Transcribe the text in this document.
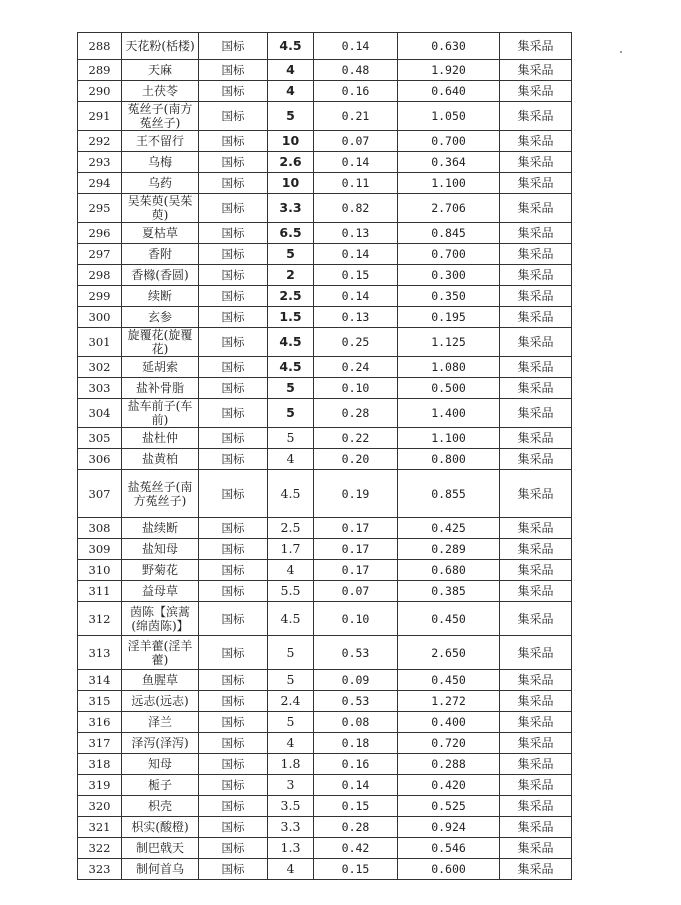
288	天花粉(栝楼)	国标	4.5	0.14	0.630	集采品
289	天麻	国标	4	0.48	1.920	集采品
290	土茯苓	国标	4	0.16	0.640	集采品
291	菟丝子(南方菟丝子)	国标	5	0.21	1.050	集采品
292	王不留行	国标	10	0.07	0.700	集采品
293	乌梅	国标	2.6	0.14	0.364	集采品
294	乌药	国标	10	0.11	1.100	集采品
295	吴茱萸(吴茱萸)	国标	3.3	0.82	2.706	集采品
296	夏枯草	国标	6.5	0.13	0.845	集采品
297	香附	国标	5	0.14	0.700	集采品
298	香橼(香圆)	国标	2	0.15	0.300	集采品
299	续断	国标	2.5	0.14	0.350	集采品
300	玄参	国标	1.5	0.13	0.195	集采品
301	旋覆花(旋覆花)	国标	4.5	0.25	1.125	集采品
302	延胡索	国标	4.5	0.24	1.080	集采品
303	盐补骨脂	国标	5	0.10	0.500	集采品
304	盐车前子(车前)	国标	5	0.28	1.400	集采品
305	盐杜仲	国标	5	0.22	1.100	集采品
306	盐黄柏	国标	4	0.20	0.800	集采品
307	盐菟丝子(南方菟丝子)	国标	4.5	0.19	0.855	集采品
308	盐续断	国标	2.5	0.17	0.425	集采品
309	盐知母	国标	1.7	0.17	0.289	集采品
310	野菊花	国标	4	0.17	0.680	集采品
311	益母草	国标	5.5	0.07	0.385	集采品
312	茵陈【滨蒿(绵茵陈)】	国标	4.5	0.10	0.450	集采品
313	淫羊藿(淫羊藿)	国标	5	0.53	2.650	集采品
314	鱼腥草	国标	5	0.09	0.450	集采品
315	远志(远志)	国标	2.4	0.53	1.272	集采品
316	泽兰	国标	5	0.08	0.400	集采品
317	泽泻(泽泻)	国标	4	0.18	0.720	集采品
318	知母	国标	1.8	0.16	0.288	集采品
319	栀子	国标	3	0.14	0.420	集采品
320	枳壳	国标	3.5	0.15	0.525	集采品
321	枳实(酸橙)	国标	3.3	0.28	0.924	集采品
322	制巴戟天	国标	1.3	0.42	0.546	集采品
323	制何首乌	国标	4	0.15	0.600	集采品
